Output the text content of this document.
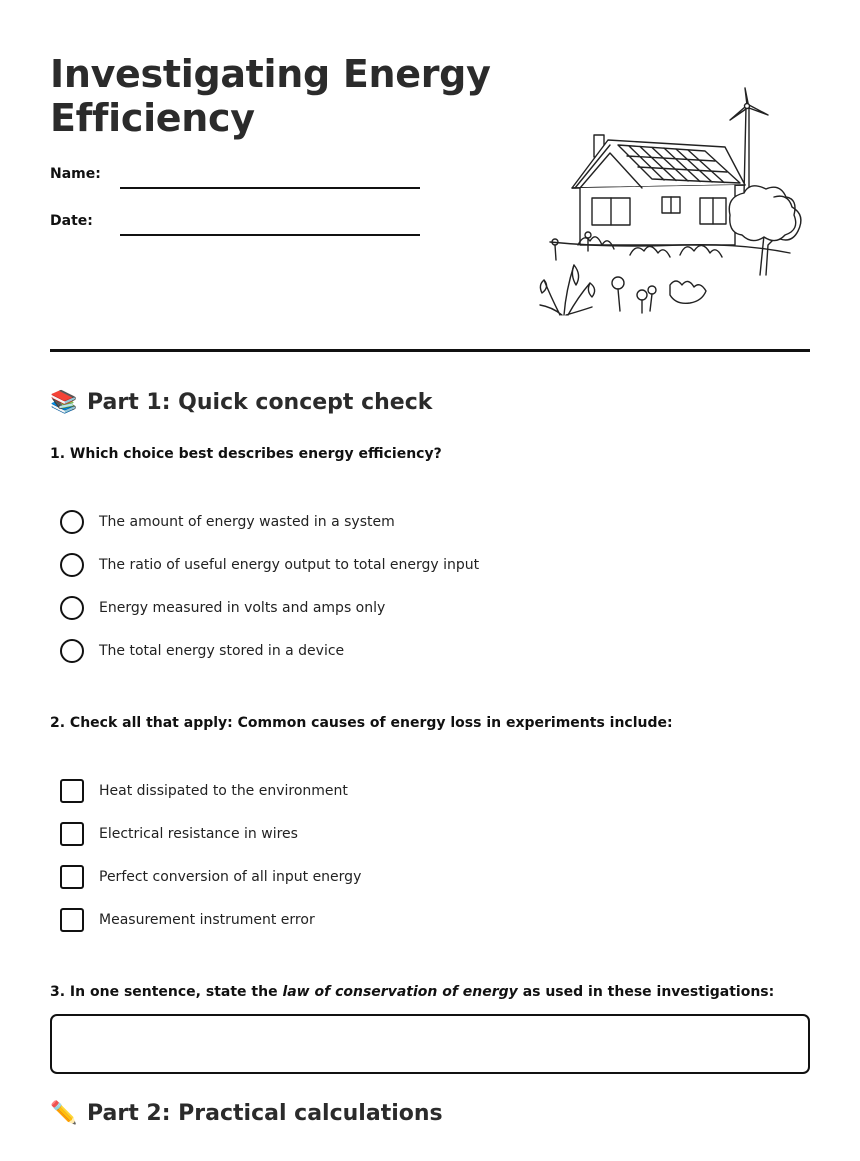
Investigating Energy Efficiency
Name:
Date:
📚 Part 1: Quick concept check
1. Which choice best describes energy efficiency?
The amount of energy wasted in a system
The ratio of useful energy output to total energy input
Energy measured in volts and amps only
The total energy stored in a device
2. Check all that apply: Common causes of energy loss in experiments include:
Heat dissipated to the environment
Electrical resistance in wires
Perfect conversion of all input energy
Measurement instrument error
3. In one sentence, state the law of conservation of energy as used in these investigations:
✏️ Part 2: Practical calculations
